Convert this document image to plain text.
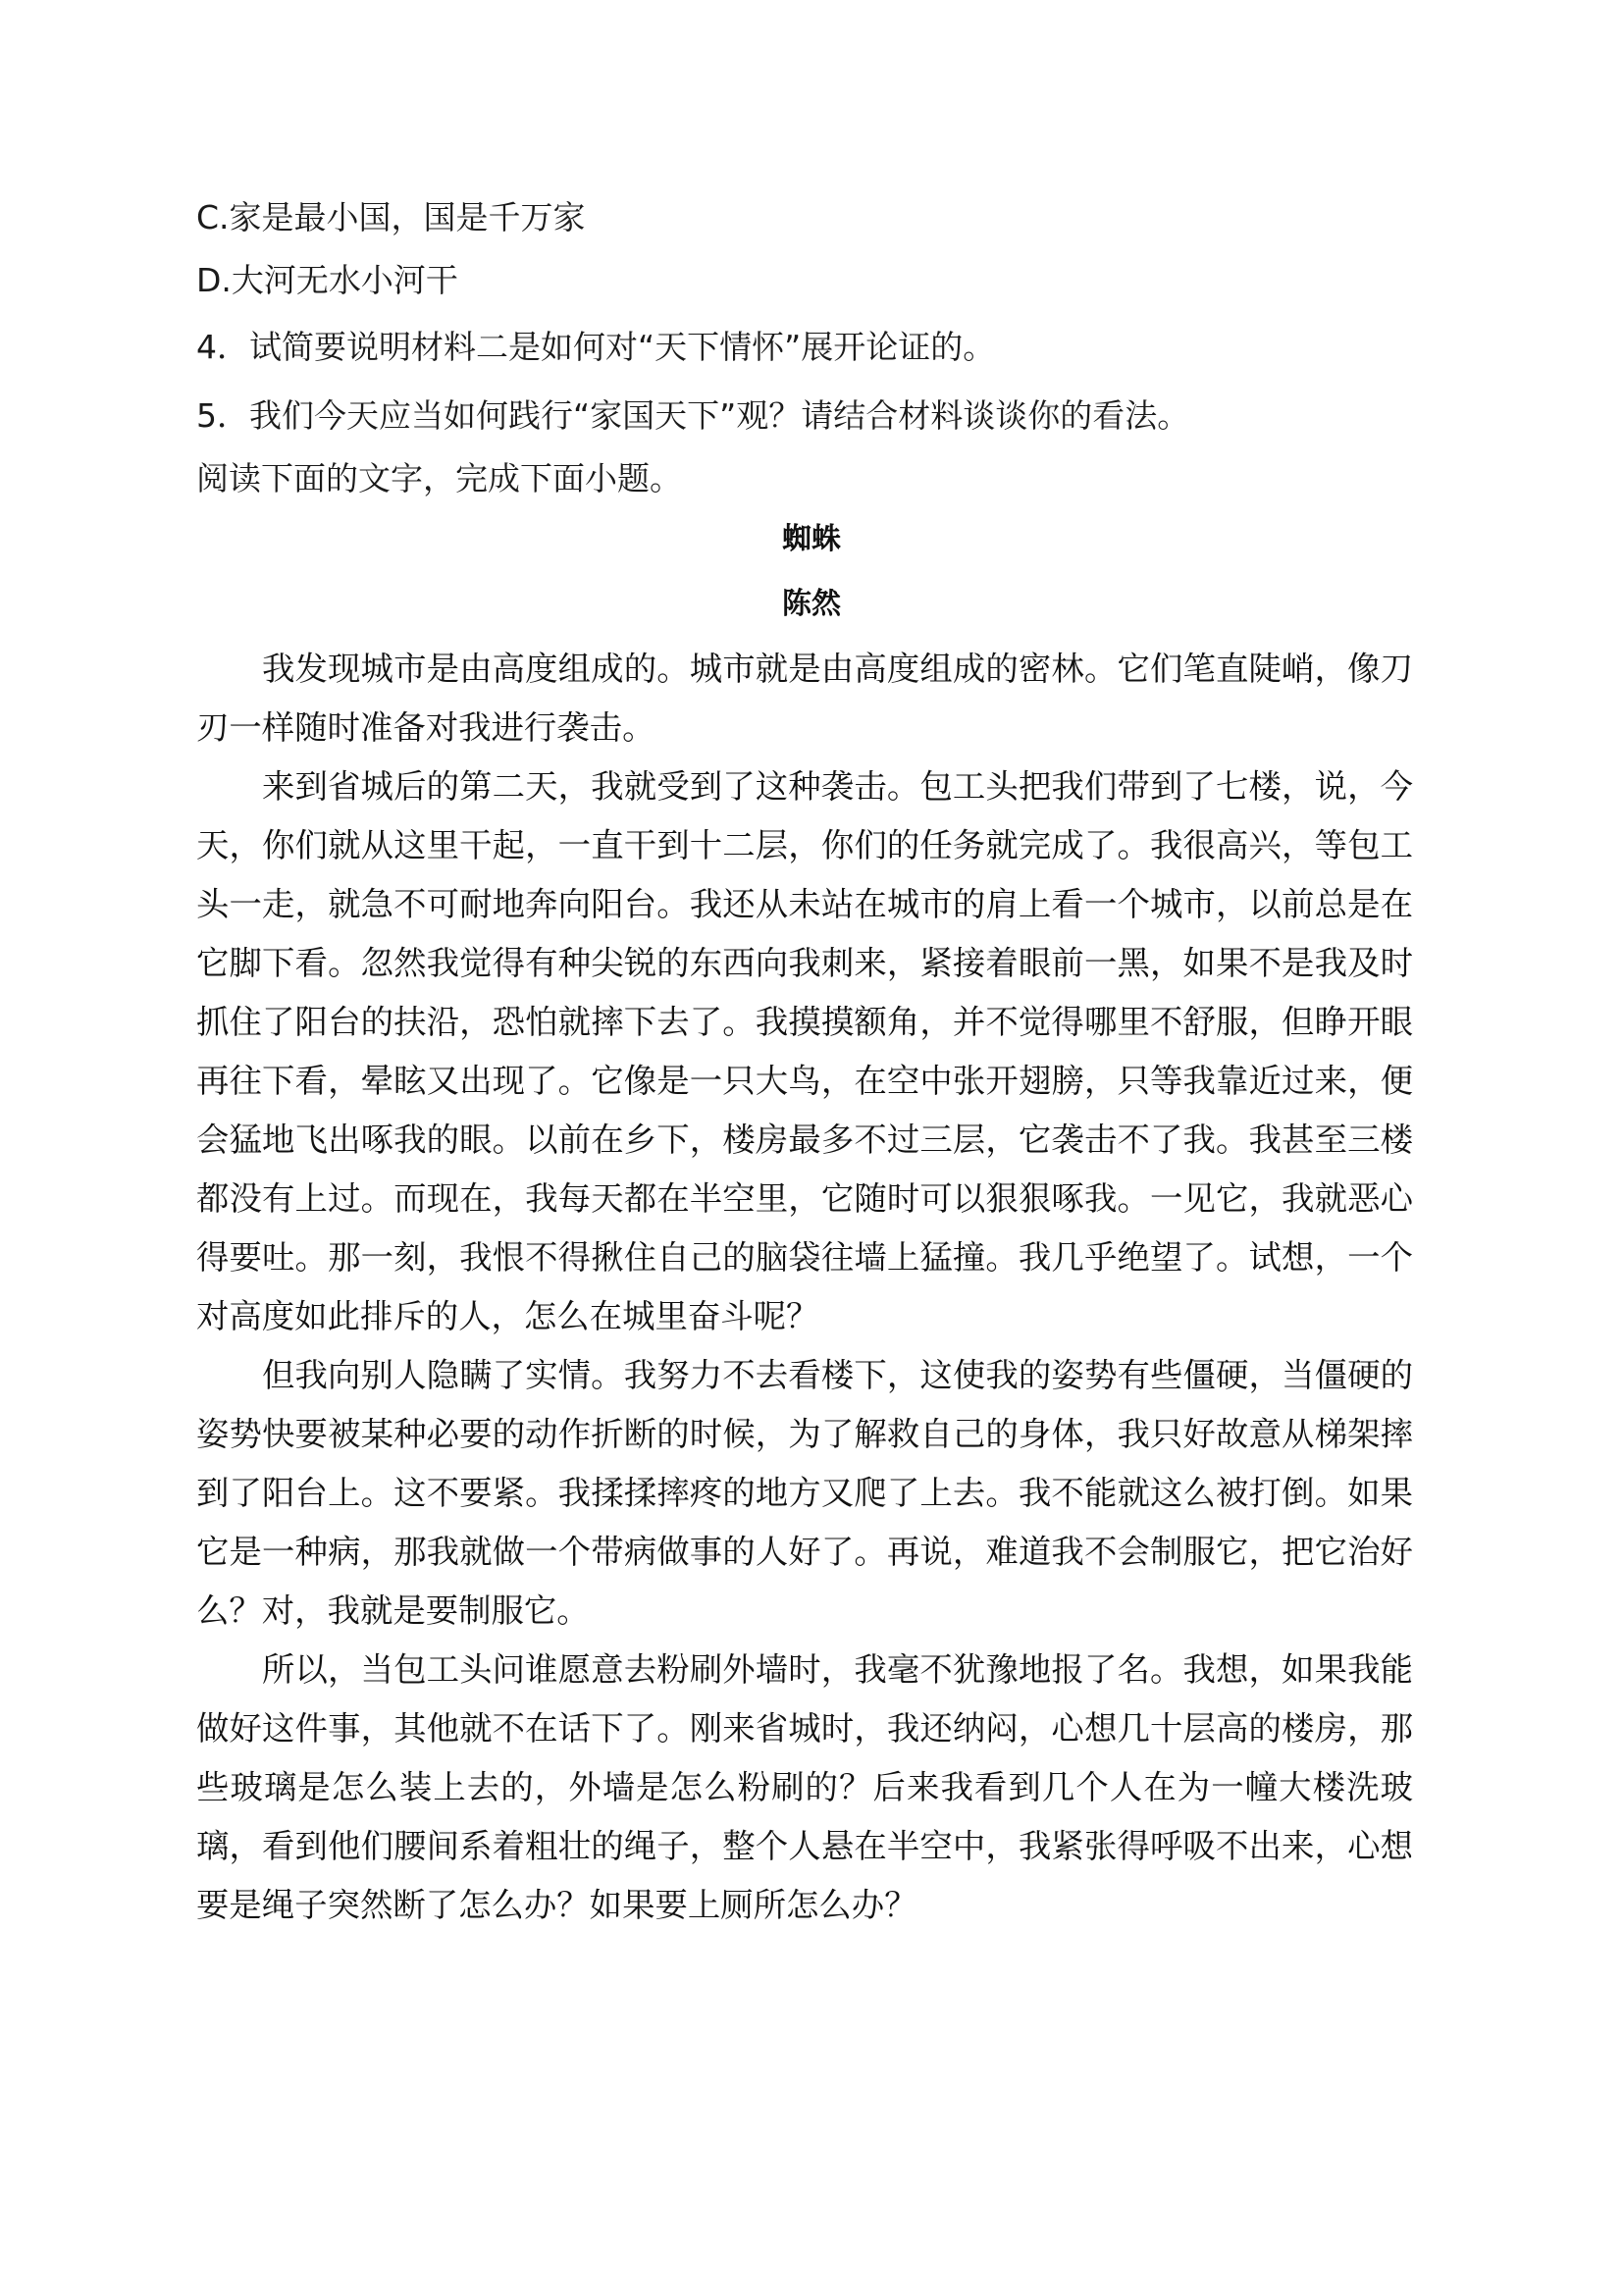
C.家是最小国，国是千万家
D.大河无水小河干
4．试简要说明材料二是如何对“天下情怀”展开论证的。
5．我们今天应当如何践行“家国天下”观？请结合材料谈谈你的看法。
阅读下面的文字，完成下面小题。
蜘蛛
陈然

我发现城市是由高度组成的。城市就是由高度组成的密林。它们笔直陡峭，像刀刃一样随时准备对我进行袭击。

来到省城后的第二天，我就受到了这种袭击。包工头把我们带到了七楼，说，今天，你们就从这里干起，一直干到十二层，你们的任务就完成了。我很高兴，等包工头一走，就急不可耐地奔向阳台。我还从未站在城市的肩上看一个城市，以前总是在它脚下看。忽然我觉得有种尖锐的东西向我刺来，紧接着眼前一黑，如果不是我及时抓住了阳台的扶沿，恐怕就摔下去了。我摸摸额角，并不觉得哪里不舒服，但睁开眼再往下看，晕眩又出现了。它像是一只大鸟，在空中张开翅膀，只等我靠近过来，便会猛地飞出啄我的眼。以前在乡下，楼房最多不过三层，它袭击不了我。我甚至三楼都没有上过。而现在，我每天都在半空里，它随时可以狠狠啄我。一见它，我就恶心得要吐。那一刻，我恨不得揪住自己的脑袋往墙上猛撞。我几乎绝望了。试想，一个对高度如此排斥的人，怎么在城里奋斗呢？

但我向别人隐瞒了实情。我努力不去看楼下，这使我的姿势有些僵硬，当僵硬的姿势快要被某种必要的动作折断的时候，为了解救自己的身体，我只好故意从梯架摔到了阳台上。这不要紧。我揉揉摔疼的地方又爬了上去。我不能就这么被打倒。如果它是一种病，那我就做一个带病做事的人好了。再说，难道我不会制服它，把它治好么？对，我就是要制服它。

所以，当包工头问谁愿意去粉刷外墙时，我毫不犹豫地报了名。我想，如果我能做好这件事，其他就不在话下了。刚来省城时，我还纳闷，心想几十层高的楼房，那些玻璃是怎么装上去的，外墙是怎么粉刷的？后来我看到几个人在为一幢大楼洗玻璃，看到他们腰间系着粗壮的绳子，整个人悬在半空中，我紧张得呼吸不出来，心想要是绳子突然断了怎么办？如果要上厕所怎么办？
